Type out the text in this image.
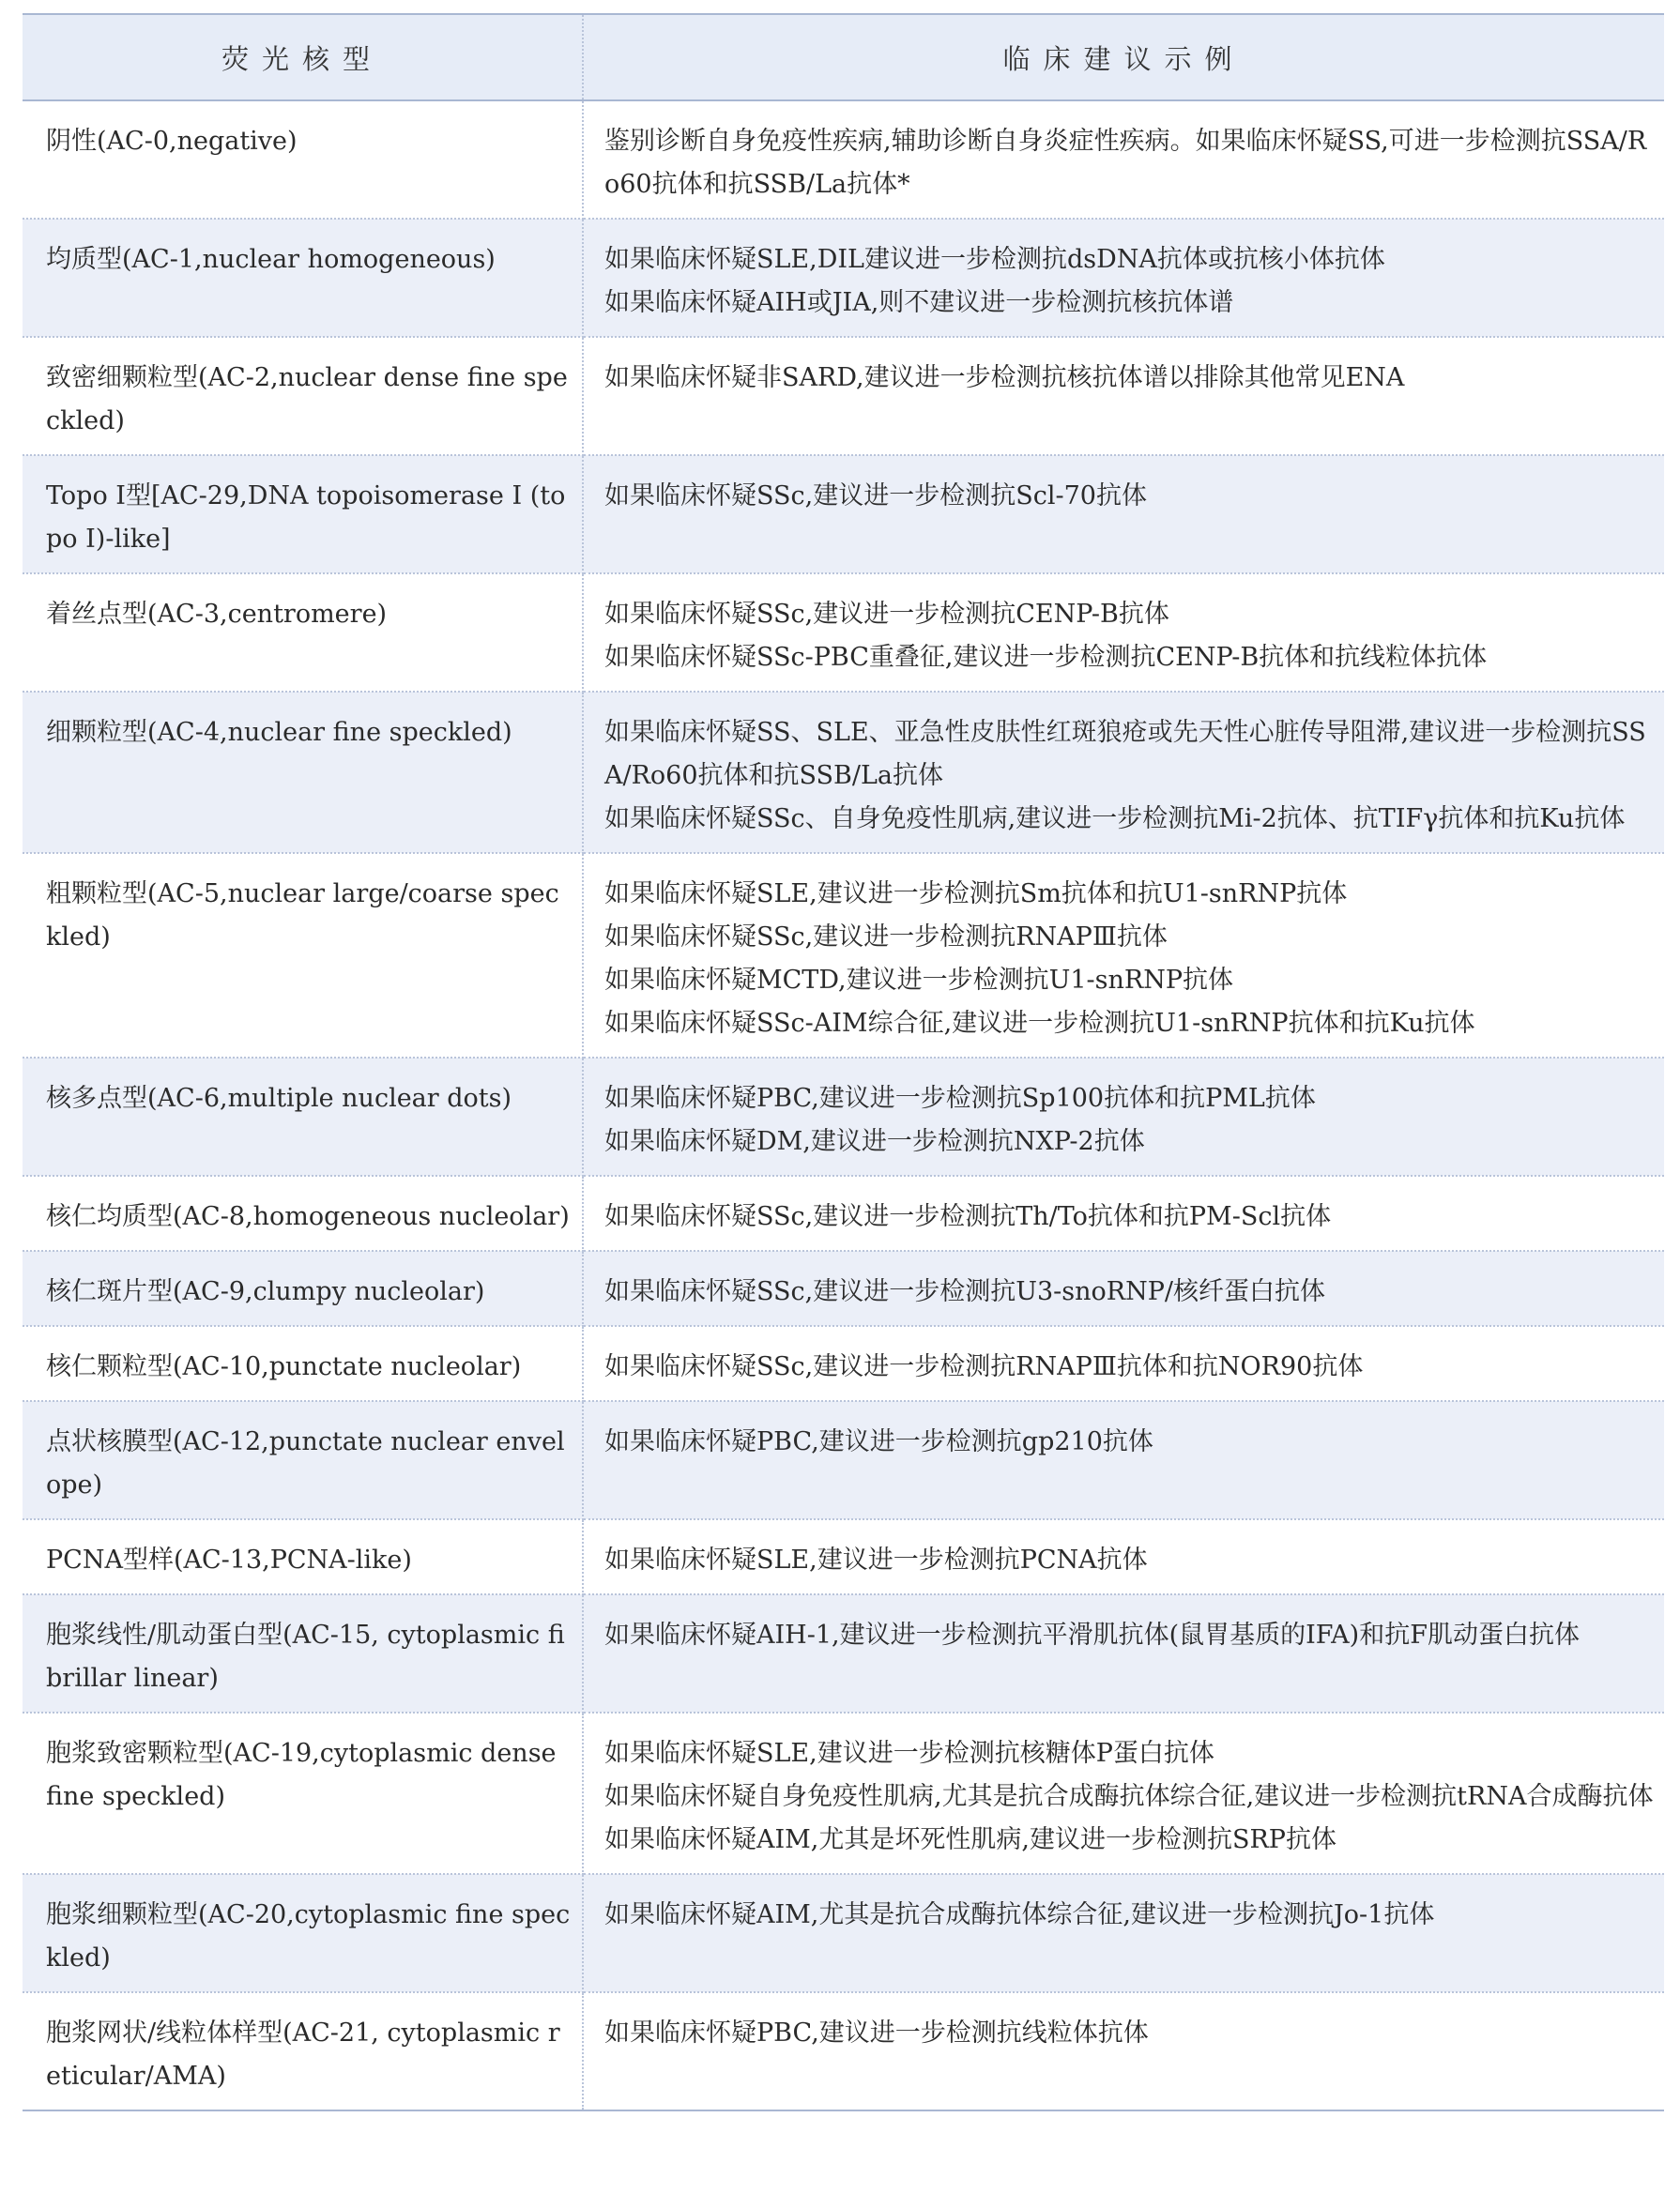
荧光核型	临床建议示例
阴性(AC-0,negative)	鉴别诊断自身免疫性疾病,辅助诊断自身炎症性疾病。如果临床怀疑SS,可进一步检测抗SSA/Ro60抗体和抗SSB/La抗体*

均质型(AC-1,nuclear homogeneous)	如果临床怀疑SLE,DIL建议进一步检测抗dsDNA抗体或抗核小体抗体
如果临床怀疑AIH或JIA,则不建议进一步检测抗核抗体谱

致密细颗粒型(AC-2,nuclear dense fine speckled)	如果临床怀疑非SARD,建议进一步检测抗核抗体谱以排除其他常见ENA

Topo Ⅰ型[AC-29,DNA topoisomerase I (topo Ⅰ)-like]	如果临床怀疑SSc,建议进一步检测抗Scl-70抗体

着丝点型(AC-3,centromere)	如果临床怀疑SSc,建议进一步检测抗CENP-B抗体
如果临床怀疑SSc-PBC重叠征,建议进一步检测抗CENP-B抗体和抗线粒体抗体

细颗粒型(AC-4,nuclear fine speckled)	如果临床怀疑SS、SLE、亚急性皮肤性红斑狼疮或先天性心脏传导阻滞,建议进一步检测抗SSA/Ro60抗体和抗SSB/La抗体
如果临床怀疑SSc、自身免疫性肌病,建议进一步检测抗Mi-2抗体、抗TIFγ抗体和抗Ku抗体

粗颗粒型(AC-5,nuclear large/coarse speckled)	如果临床怀疑SLE,建议进一步检测抗Sm抗体和抗U1-snRNP抗体
如果临床怀疑SSc,建议进一步检测抗RNAPⅢ抗体
如果临床怀疑MCTD,建议进一步检测抗U1-snRNP抗体
如果临床怀疑SSc-AIM综合征,建议进一步检测抗U1-snRNP抗体和抗Ku抗体

核多点型(AC-6,multiple nuclear dots)	如果临床怀疑PBC,建议进一步检测抗Sp100抗体和抗PML抗体
如果临床怀疑DM,建议进一步检测抗NXP-2抗体

核仁均质型(AC-8,homogeneous nucleolar)	如果临床怀疑SSc,建议进一步检测抗Th/To抗体和抗PM-Scl抗体

核仁斑片型(AC-9,clumpy nucleolar)	如果临床怀疑SSc,建议进一步检测抗U3-snoRNP/核纤蛋白抗体

核仁颗粒型(AC-10,punctate nucleolar)	如果临床怀疑SSc,建议进一步检测抗RNAPⅢ抗体和抗NOR90抗体

点状核膜型(AC-12,punctate nuclear envelope)	如果临床怀疑PBC,建议进一步检测抗gp210抗体

PCNA型样(AC-13,PCNA-like)	如果临床怀疑SLE,建议进一步检测抗PCNA抗体

胞浆线性/肌动蛋白型(AC-15, cytoplasmic fibrillar linear)	如果临床怀疑AIH-1,建议进一步检测抗平滑肌抗体(鼠胃基质的IFA)和抗F肌动蛋白抗体

胞浆致密颗粒型(AC-19,cytoplasmic dense fine speckled)	如果临床怀疑SLE,建议进一步检测抗核糖体P蛋白抗体
如果临床怀疑自身免疫性肌病,尤其是抗合成酶抗体综合征,建议进一步检测抗tRNA合成酶抗体
如果临床怀疑AIM,尤其是坏死性肌病,建议进一步检测抗SRP抗体

胞浆细颗粒型(AC-20,cytoplasmic fine speckled)	如果临床怀疑AIM,尤其是抗合成酶抗体综合征,建议进一步检测抗Jo-1抗体

胞浆网状/线粒体样型(AC-21, cytoplasmic reticular/AMA)	如果临床怀疑PBC,建议进一步检测抗线粒体抗体
